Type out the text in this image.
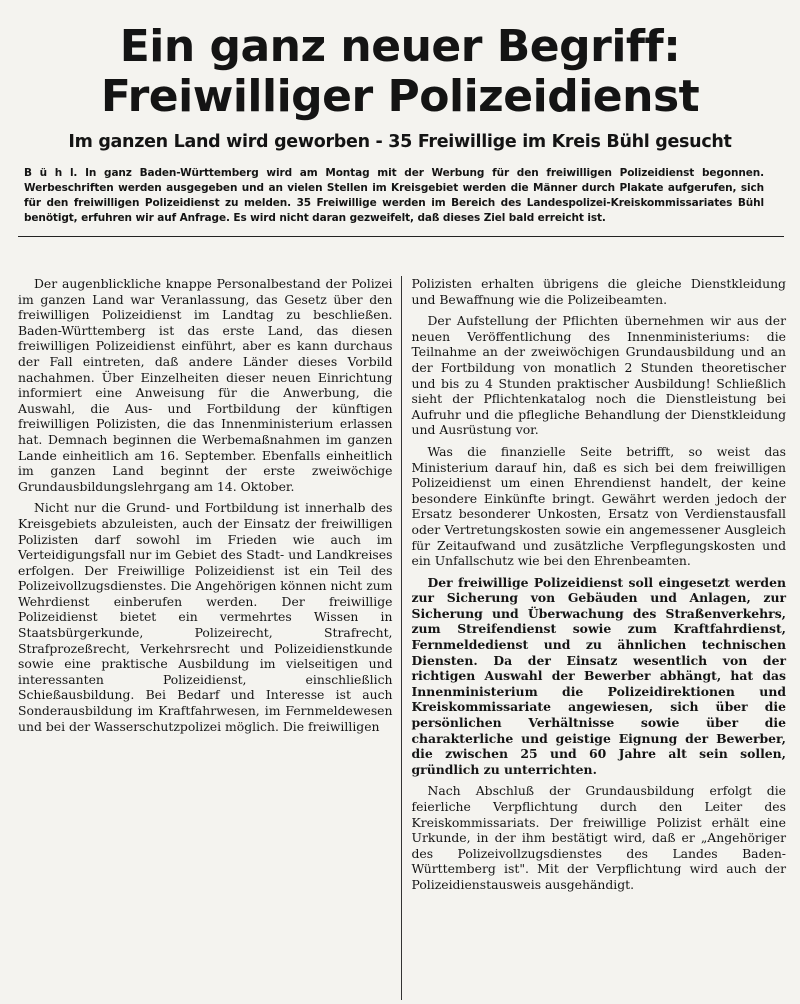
Ein ganz neuer Begriff:
Freiwilliger Polizeidienst
Im ganzen Land wird geworben - 35 Freiwillige im Kreis Bühl gesucht

B ü h l. In ganz Baden-Württemberg wird am Montag mit der Werbung für den freiwilligen Polizeidienst begonnen. Werbeschriften werden ausgegeben und an vielen Stellen im Kreisgebiet werden die Männer durch Plakate aufgerufen, sich für den freiwilligen Polizeidienst zu melden. 35 Freiwillige werden im Bereich des Landespolizei-Kreiskommissariates Bühl benötigt, erfuhren wir auf Anfrage. Es wird nicht daran gezweifelt, daß dieses Ziel bald erreicht ist.

Der augenblickliche knappe Personalbestand der Polizei im ganzen Land war Veranlassung, das Gesetz über den freiwilligen Polizeidienst im Landtag zu beschließen. Baden-Württemberg ist das erste Land, das diesen freiwilligen Polizeidienst einführt, aber es kann durchaus der Fall eintreten, daß andere Länder dieses Vorbild nachahmen. Über Einzelheiten dieser neuen Einrichtung informiert eine Anweisung für die Anwerbung, die Auswahl, die Aus- und Fortbildung der künftigen freiwilligen Polizisten, die das Innenministerium erlassen hat. Demnach beginnen die Werbemaßnahmen im ganzen Lande einheitlich am 16. September. Ebenfalls einheitlich im ganzen Land beginnt der erste zweiwöchige Grundausbildungslehrgang am 14. Oktober.

Nicht nur die Grund- und Fortbildung ist innerhalb des Kreisgebiets abzuleisten, auch der Einsatz der freiwilligen Polizisten darf sowohl im Frieden wie auch im Verteidigungsfall nur im Gebiet des Stadt- und Landkreises erfolgen. Der Freiwillige Polizeidienst ist ein Teil des Polizeivollzugsdienstes. Die Angehörigen können nicht zum Wehrdienst einberufen werden. Der freiwillige Polizeidienst bietet ein vermehrtes Wissen in Staatsbürgerkunde, Polizeirecht, Strafrecht, Strafprozeßrecht, Verkehrsrecht und Polizeidienstkunde sowie eine praktische Ausbildung im vielseitigen und interessanten Polizeidienst, einschließlich Schießausbildung. Bei Bedarf und Interesse ist auch Sonderausbildung im Kraftfahrwesen, im Fernmeldewesen und bei der Wasserschutzpolizei möglich. Die freiwilligen

Polizisten erhalten übrigens die gleiche Dienstkleidung und Bewaffnung wie die Polizeibeamten.

Der Aufstellung der Pflichten übernehmen wir aus der neuen Veröffentlichung des Innenministeriums: die Teilnahme an der zweiwöchigen Grundausbildung und an der Fortbildung von monatlich 2 Stunden theoretischer und bis zu 4 Stunden praktischer Ausbildung! Schließlich sieht der Pflichtenkatalog noch die Dienstleistung bei Aufruhr und die pflegliche Behandlung der Dienstkleidung und Ausrüstung vor.

Was die finanzielle Seite betrifft, so weist das Ministerium darauf hin, daß es sich bei dem freiwilligen Polizeidienst um einen Ehrendienst handelt, der keine besondere Einkünfte bringt. Gewährt werden jedoch der Ersatz besonderer Unkosten, Ersatz von Verdienstausfall oder Vertretungskosten sowie ein angemessener Ausgleich für Zeitaufwand und zusätzliche Verpflegungskosten und ein Unfallschutz wie bei den Ehrenbeamten.

Der freiwillige Polizeidienst soll eingesetzt werden zur Sicherung von Gebäuden und Anlagen, zur Sicherung und Überwachung des Straßenverkehrs, zum Streifendienst sowie zum Kraftfahrdienst, Fernmeldedienst und zu ähnlichen technischen Diensten. Da der Einsatz wesentlich von der richtigen Auswahl der Bewerber abhängt, hat das Innenministerium die Polizeidirektionen und Kreiskommissariate angewiesen, sich über die persönlichen Verhältnisse sowie über die charakterliche und geistige Eignung der Bewerber, die zwischen 25 und 60 Jahre alt sein sollen, gründlich zu unterrichten.

Nach Abschluß der Grundausbildung erfolgt die feierliche Verpflichtung durch den Leiter des Kreiskommissariats. Der freiwillige Polizist erhält eine Urkunde, in der ihm bestätigt wird, daß er „Angehöriger des Polizeivollzugsdienstes des Landes Baden-Württemberg ist". Mit der Verpflichtung wird auch der Polizeidienstausweis ausgehändigt.
